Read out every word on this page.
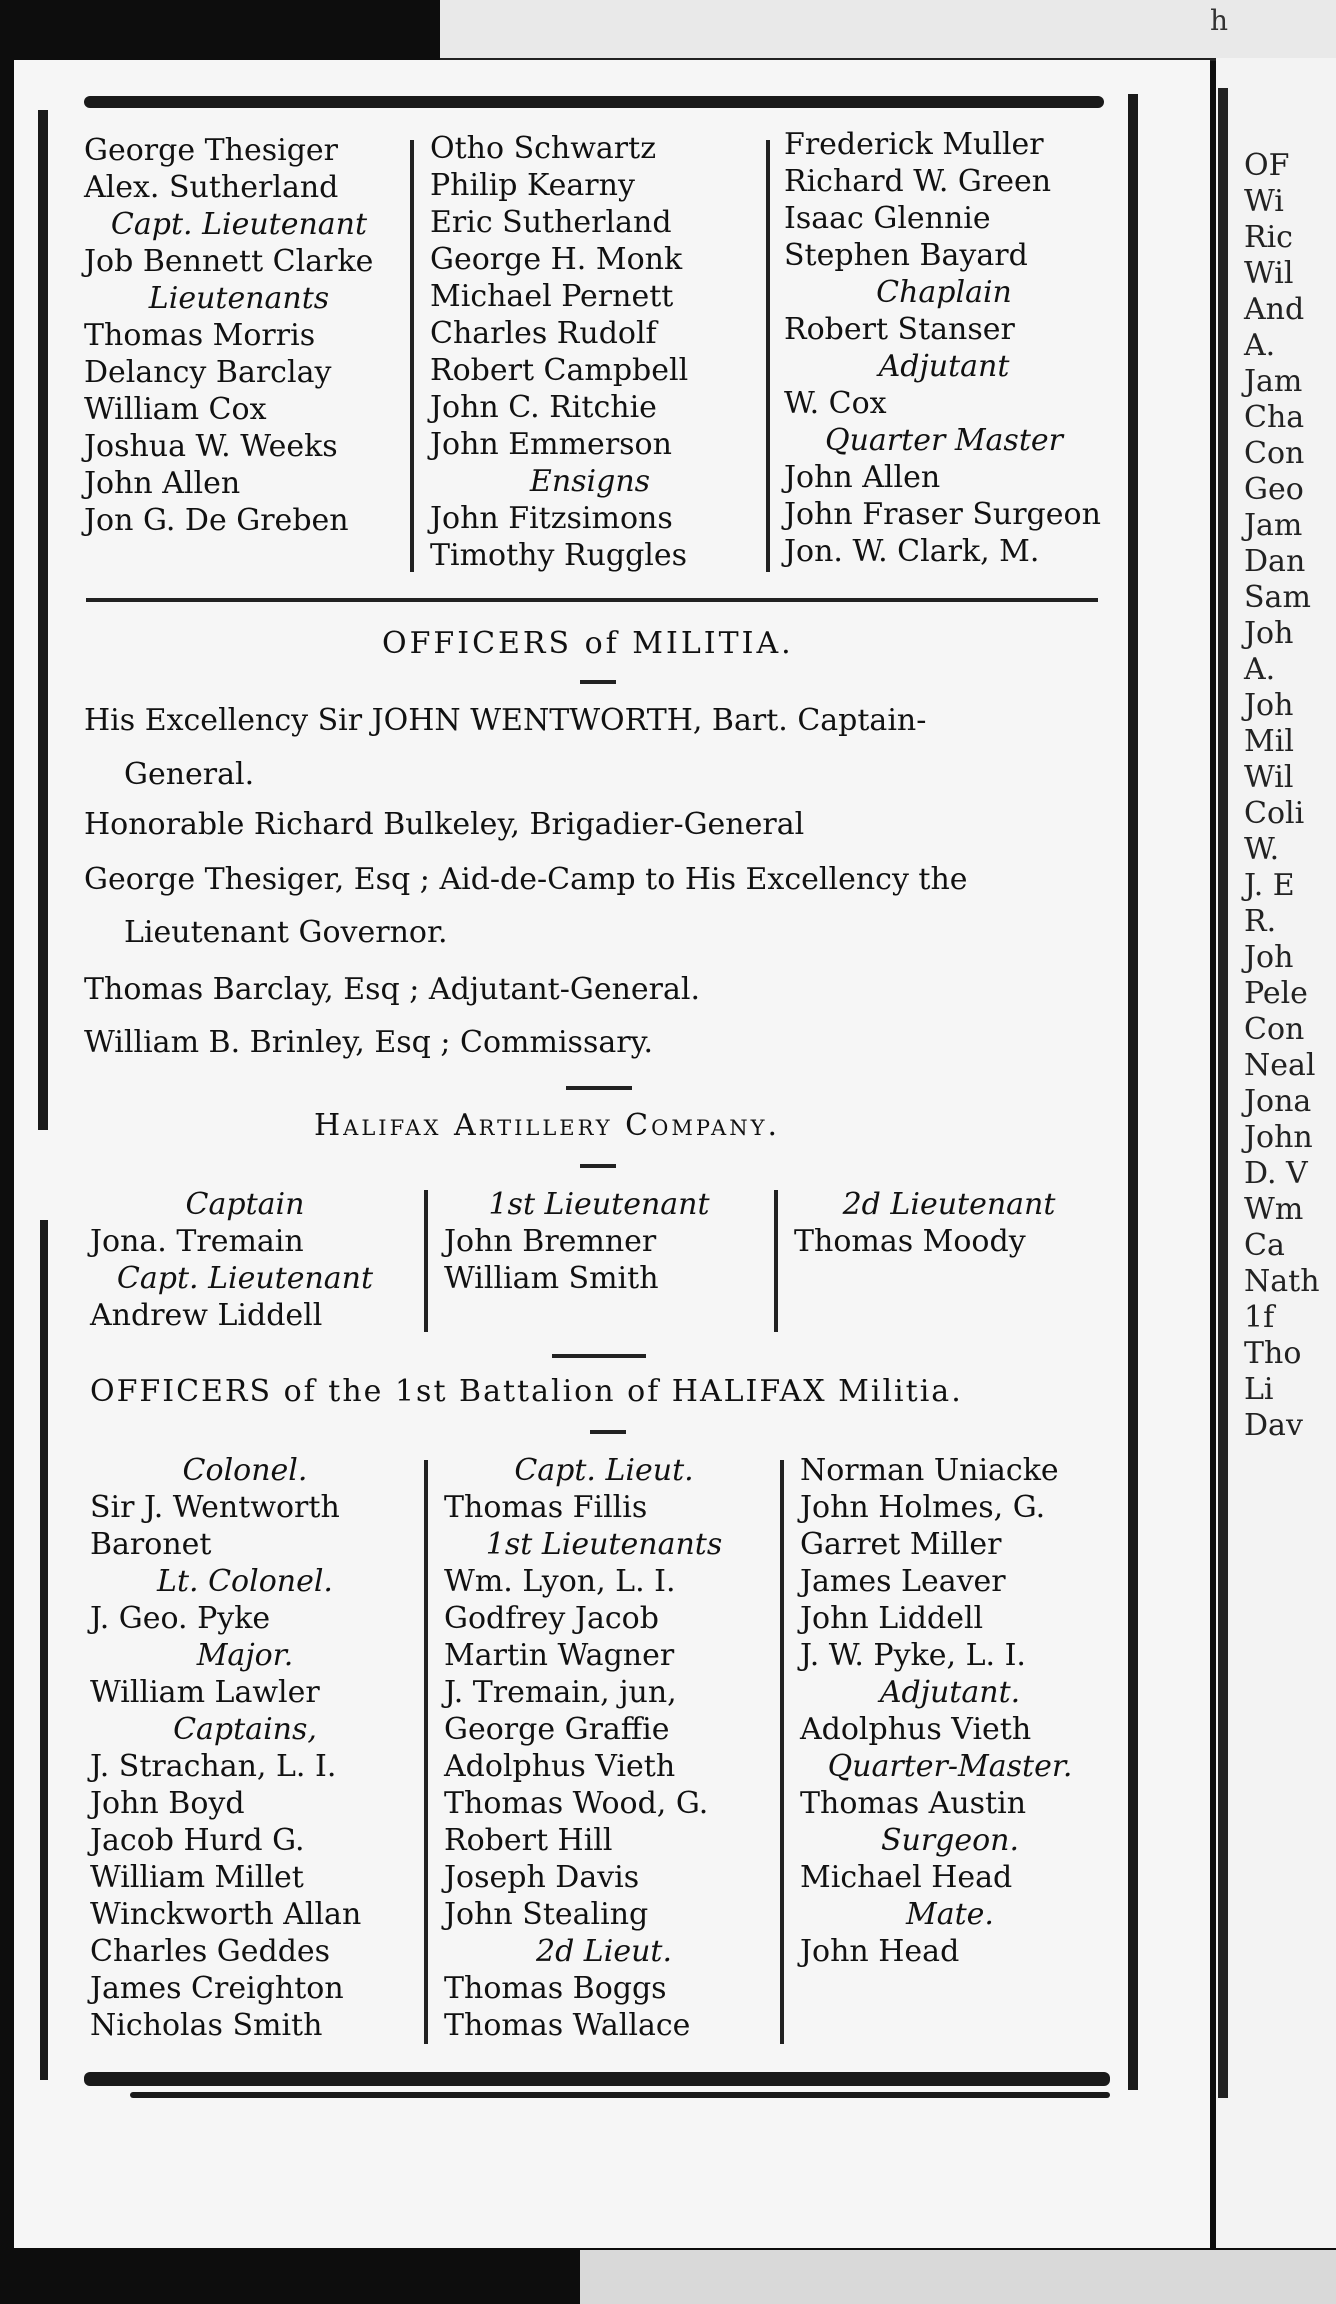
h
OF
Wi
Ric
Wil
And
A.
Jam
Cha
Con
Geo
Jam
Dan
Sam
Joh
A.
Joh
Mil
Wil
Coli
W.
J. E
R.
Joh
Pele
Con
Neal
Jona
John
D. V
Wm
Ca
Nath
1f
Tho
Li
Dav
George Thesiger
Alex. Sutherland
Capt. Lieutenant
Job Bennett Clarke
Lieutenants
Thomas Morris
Delancy Barclay
William Cox
Joshua W. Weeks
John Allen
Jon G. De Greben
Otho Schwartz
Philip Kearny
Eric Sutherland
George H. Monk
Michael Pernett
Charles Rudolf
Robert Campbell
John C. Ritchie
John Emmerson
Ensigns
John Fitzsimons
Timothy Ruggles
Frederick Muller
Richard W. Green
Isaac Glennie
Stephen Bayard
Chaplain
Robert Stanser
Adjutant
W. Cox
Quarter Master
John Allen
John Fraser Surgeon
Jon. W. Clark, M.
OFFICERS of MILITIA.
His Excellency Sir JOHN WENTWORTH, Bart. Captain-
General.
Honorable Richard Bulkeley, Brigadier-General
George Thesiger, Esq ; Aid-de-Camp to His Excellency the
Lieutenant Governor.
Thomas Barclay, Esq ; Adjutant-General.
William B. Brinley, Esq ; Commissary.
Halifax Artillery Company.
Captain
Jona. Tremain
Capt. Lieutenant
Andrew Liddell
1st Lieutenant
John Bremner
William Smith
2d Lieutenant
Thomas Moody
OFFICERS of the 1st Battalion of HALIFAX Militia.
Colonel.
Sir J. Wentworth
Baronet
Lt. Colonel.
J. Geo. Pyke
Major.
William Lawler
Captains,
J. Strachan, L. I.
John Boyd
Jacob Hurd G.
William Millet
Winckworth Allan
Charles Geddes
James Creighton
Nicholas Smith
Capt. Lieut.
Thomas Fillis
1st Lieutenants
Wm. Lyon, L. I.
Godfrey Jacob
Martin Wagner
J. Tremain, jun,
George Graffie
Adolphus Vieth
Thomas Wood, G.
Robert Hill
Joseph Davis
John Stealing
2d Lieut.
Thomas Boggs
Thomas Wallace
Norman Uniacke
John Holmes, G.
Garret Miller
James Leaver
John Liddell
J. W. Pyke, L. I.
Adjutant.
Adolphus Vieth
Quarter-Master.
Thomas Austin
Surgeon.
Michael Head
Mate.
John Head
